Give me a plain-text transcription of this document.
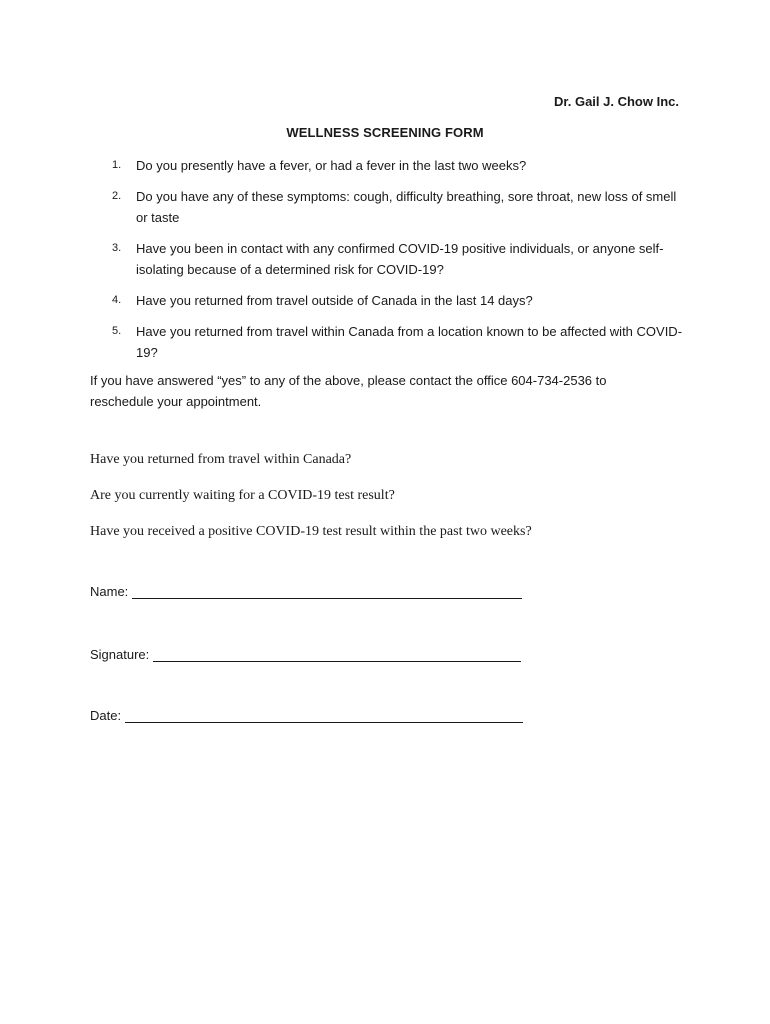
Dr. Gail J. Chow Inc.
WELLNESS SCREENING FORM
1. Do you presently have a fever, or had a fever in the last two weeks?
2. Do you have any of these symptoms: cough, difficulty breathing, sore throat, new loss of smell or taste
3. Have you been in contact with any confirmed COVID-19 positive individuals, or anyone self-isolating because of a determined risk for COVID-19?
4. Have you returned from travel outside of Canada in the last 14 days?
5. Have you returned from travel within Canada from a location known to be affected with COVID-19?
If you have answered “yes” to any of the above, please contact the office 604-734-2536 to reschedule your appointment.
Have you returned from travel within Canada?
Are you currently waiting for a COVID-19 test result?
Have you received a positive COVID-19 test result within the past two weeks?
Name:
Signature:
Date:
